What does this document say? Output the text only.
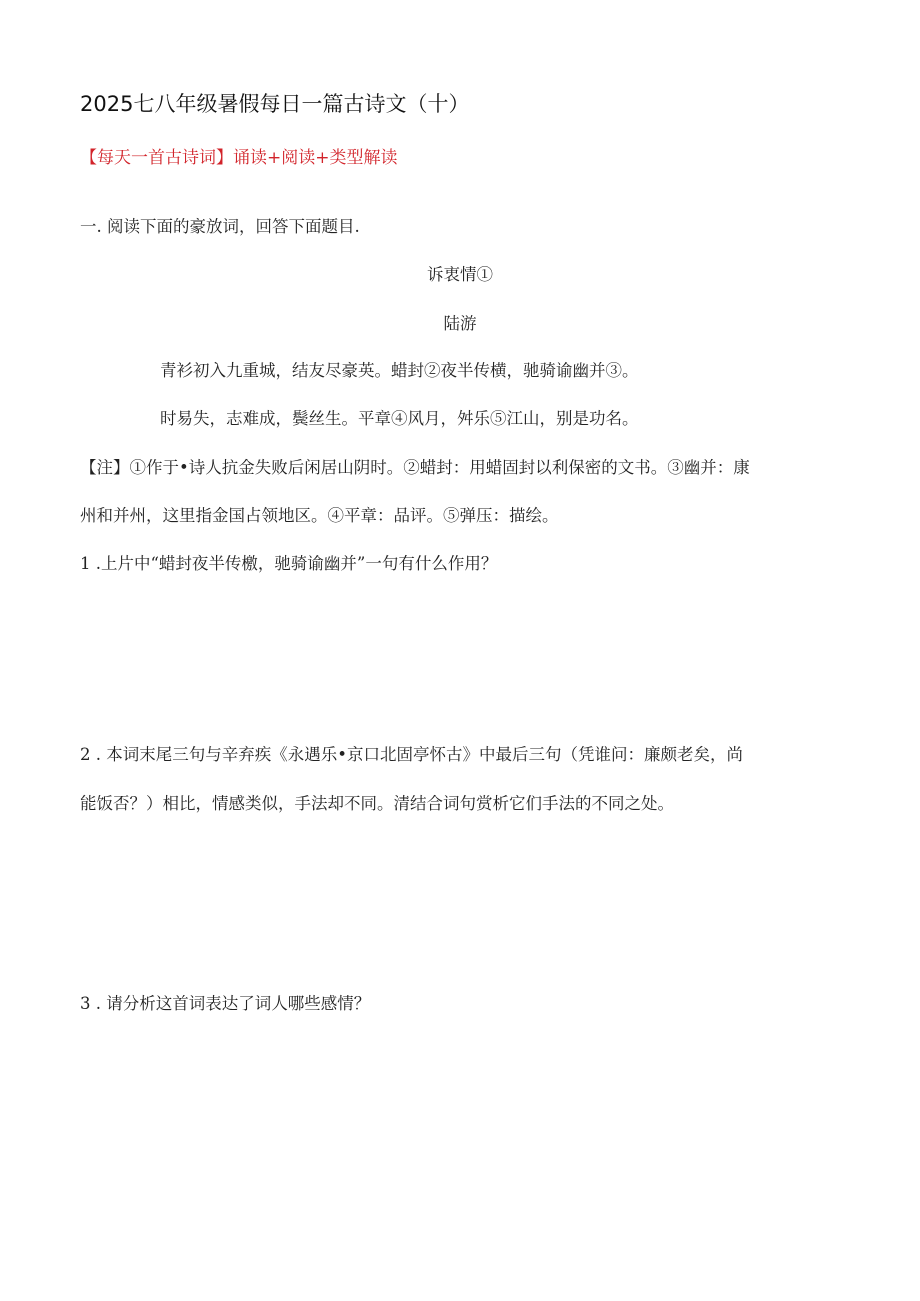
2025七八年级暑假每日一篇古诗文（十）
【每天一首古诗词】诵读+阅读+类型解读
一. 阅读下面的豪放词，回答下面题目.
诉衷情①
陆游
青衫初入九重城，结友尽豪英。蜡封②夜半传横，驰骑谕幽并③。
时易失，志难成，鬓丝生。平章④风月，舛乐⑤江山，别是功名。
【注】①作于•诗人抗金失败后闲居山阴时。②蜡封：用蜡固封以利保密的文书。③幽并：康
州和并州，这里指金国占领地区。④平章：品评。⑤弹压：描绘。
1 .上片中“蜡封夜半传檄，驰骑谕幽并”一句有什么作用？
2 . 本词末尾三句与辛弃疾《永遇乐•京口北固亭怀古》中最后三句（凭谁问：廉颇老矣，尚
能饭否？）相比，情感类似，手法却不同。清结合词句赏析它们手法的不同之处。
3 . 请分析这首词表达了词人哪些感情？
